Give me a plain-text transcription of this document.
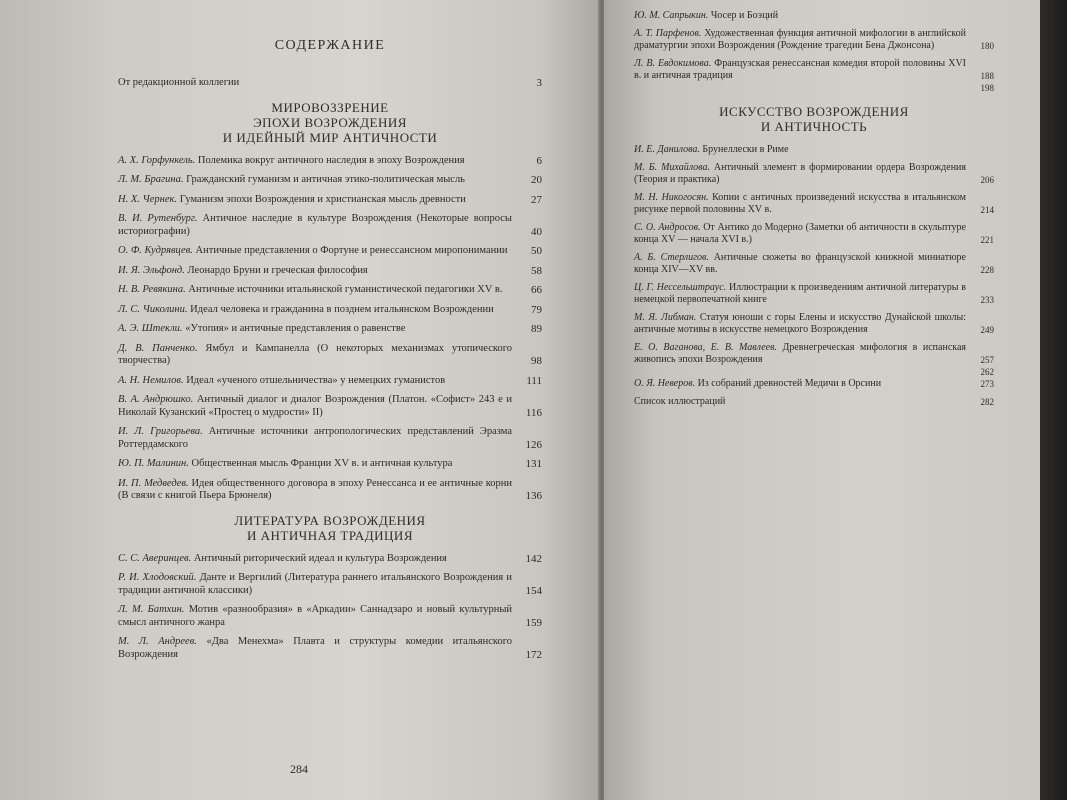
СОДЕРЖАНИЕ
От редакционной коллегии	3
МИРОВОЗЗРЕНИЕ
ЭПОХИ ВОЗРОЖДЕНИЯ
И ИДЕЙНЫЙ МИР АНТИЧНОСТИ
А. Х. Горфункель. Полемика вокруг античного наследия в эпоху Возрождения	6
Л. М. Брагина. Гражданский гуманизм и античная этико-политическая мысль	20
Н. Х. Чернек. Гуманизм эпохи Возрождения и христианская мысль древности	27
В. И. Рутенбург. Античное наследие в культуре Возрождения (Некоторые вопросы историографии)	40
О. Ф. Кудрявцев. Античные представления о Фортуне и ренессансном миропонимании 50
И. Я. Эльфонд. Леонардо Бруни и греческая философия	58
Н. В. Ревякина. Античные источники итальянской гуманистической педагогики XV в.	66
Л. С. Чиколини. Идеал человека и гражданина в позднем итальянском Возрождении	79
А. Э. Штекли. «Утопия» и античные представления о равенстве	89
Д. В. Панченко. Ямбул и Кампанелла (О некоторых механизмах утопического творчества)	98
А. Н. Немилов. Идеал «ученого отшельничества» у немецких гуманистов	111
В. А. Андрюшко. Античный диалог и диалог Возрождения (Платон. «Софист» 243 е и Николай Кузанский «Простец о мудрости» II)	116
И. Л. Григорьева. Античные источники антропологических представлений Эразма Роттердамского	126
Ю. П. Малинин. Общественная мысль Франции XV в. и античная культура	131
И. П. Медведев. Идея общественного договора в эпоху Ренессанса и ее античные корни (В связи с книгой Пьера Брюнеля)	136
ЛИТЕРАТУРА ВОЗРОЖДЕНИЯ
И АНТИЧНАЯ ТРАДИЦИЯ
С. С. Аверинцев. Античный риторический идеал и культура Возрождения	142
Р. И. Хлодовский. Данте и Вергилий (Литература раннего итальянского Возрождения и традиции античной классики)	154
Л. М. Батхин. Мотив «разнообразия» в «Аркадии» Саннадзаро и новый культурный смысл античного жанра	159
М. Л. Андреев. «Два Менехма» Плавта и структуры комедии итальянского Возрождения	172
284
Ю. М. Сапрыкин. Чосер и Боэций
А. Т. Парфенов. Художественная функция античной мифологии в английской драматургии эпохи Возрождения (Рождение трагедии Бена Джонсона)	180
Л. В. Евдокимова. Французская ренессансная комедия второй половины XVI в. и античная традиция	188
198
ИСКУССТВО ВОЗРОЖДЕНИЯ
И АНТИЧНОСТЬ
И. Е. Данилова. Брунеллески в Риме
М. Б. Михайлова. Античный элемент в формировании ордера Возрождения (Теория и практика)	206
М. Н. Никогосян. Копии с античных произведений искусства в итальянском рисунке первой половины XV в.	214
С. О. Андросов. От Антико до Модерно (Заметки об античности в скульптуре конца XV — начала XVI в.)	221
А. Б. Стерлигов. Античные сюжеты во французской книжной миниатюре конца XIV—XV вв.	228
Ц. Г. Нессельштраус. Иллюстрации к произведениям античной литературы в немецкой первопечатной книге	233
М. Я. Либман. Статуя юноши с горы Елены и искусство Дунайской школы: античные мотивы в искусстве немецкого Возрождения	249
Е. О. Ваганова, Е. В. Мавлеев. Древнегреческая мифология в испанская живопись эпохи Возрождения	257
262
О. Я. Неверов. Из собраний древностей Медичи в Орсини	273
Список иллюстраций	282
